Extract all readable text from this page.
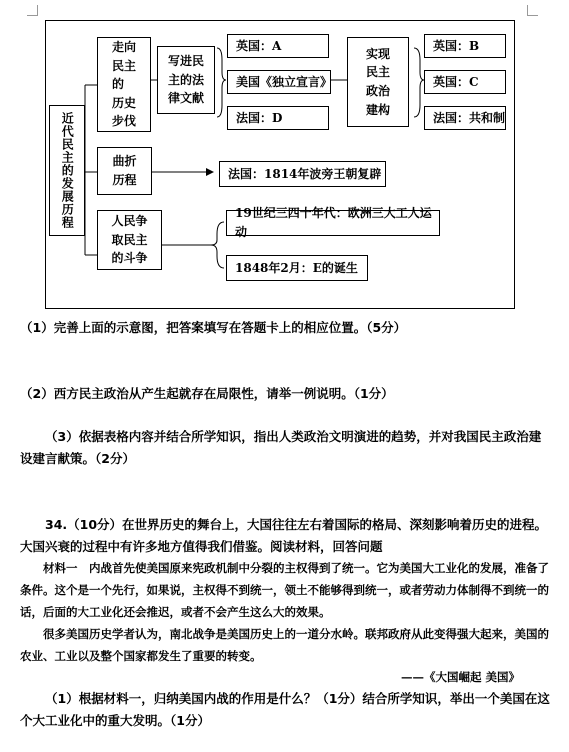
近代民主的发展历程
走向
民主
的
历史
步伐
写进民
主的法
律文献
英国：A
美国《独立宣言》
法国：D
实现
民主
政治
建构
英国：B
英国：C
法国：共和制
曲折
历程	法国：1814年波旁王朝复辟
人民争
取民主
的斗争
19世纪三四十年代：欧洲三大工人运动
1848年2月：E的诞生
（1）完善上面的示意图，把答案填写在答题卡上的相应位置。（5分）
（2）西方民主政治从产生起就存在局限性，请举一例说明。（1分）
（3）依据表格内容并结合所学知识，指出人类政治文明演进的趋势，并对我国民主政治建设建言献策。（2分）
34.（10分）在世界历史的舞台上，大国往往左右着国际的格局、深刻影响着历史的进程。大国兴衰的过程中有许多地方值得我们借鉴。阅读材料，回答问题
材料一 内战首先使美国原来宪政机制中分裂的主权得到了统一。它为美国大工业化的发展，准备了条件。这个是一个先行，如果说，主权得不到统一，领土不能够得到统一，或者劳动力体制得不到统一的话，后面的大工业化还会推迟，或者不会产生这么大的效果。
很多美国历史学者认为，南北战争是美国历史上的一道分水岭。联邦政府从此变得强大起来，美国的农业、工业以及整个国家都发生了重要的转变。
——《大国崛起 美国》
（1）根据材料一，归纳美国内战的作用是什么？（1分）结合所学知识，举出一个美国在这个大工业化中的重大发明。（1分）
